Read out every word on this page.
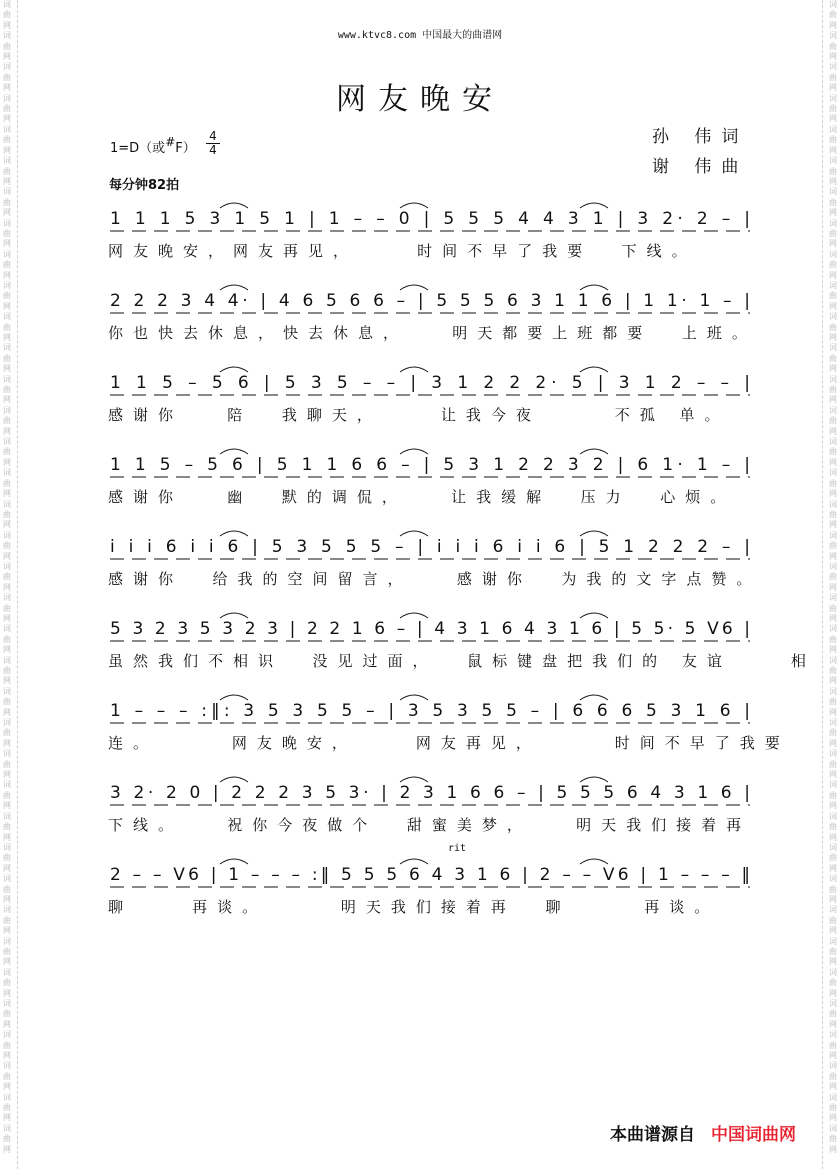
词曲网词曲网词曲网词曲网词曲网词曲网词曲网词曲网词曲网词曲网词曲网词曲网词曲网词曲网词曲网词曲网词曲网词曲网词曲网词曲网词曲网词曲网词曲网词曲网词曲网词曲网词曲网词曲网词曲网词曲网词曲网词曲网词曲网词曲网词曲网词曲网词曲网
词曲网词曲网词曲网词曲网词曲网词曲网词曲网词曲网词曲网词曲网词曲网词曲网词曲网词曲网词曲网词曲网词曲网词曲网词曲网词曲网词曲网词曲网词曲网词曲网词曲网词曲网词曲网词曲网词曲网词曲网词曲网词曲网词曲网词曲网词曲网词曲网词曲网
www.ktvc8.com 中国最大的曲谱网
网友晚安
1=D（或#F） $\frac{4}{4}$
每分钟82拍
孙 伟词
谢 伟曲
1 1 1 5 3 1 5 1 | 1 – – 0 | 5 5 5 4 4 3 1 | 3 2· 2 – |
网友晚安，网友再见，    时间不早了我要  下线。
2 2 2 3 4 4· | 4 6 5 6 6 – | 5 5 5 6 3 1 1 6 | 1 1· 1 – |
你也快去休息，快去休息，   明天都要上班都要  上班。
1 1 5 – 5 6 | 5 3 5 – – | 3 1 2 2 2· 5 | 3 1 2 – – |
感谢你   陪  我聊天，    让我今夜     不孤 单。
1 1 5 – 5 6 | 5 1 1 6 6 – | 5 3 1 2 2 3 2 | 6 1· 1 – |
感谢你   幽  默的调侃，   让我缓解  压力  心烦。
i i i 6 i i 6 | 5 3 5 5 5 – | i i i 6 i i 6 | 5 1 2 2 2 – |
感谢你  给我的空间留言，   感谢你  为我的文字点赞。
5 3 2 3 5 3 2 3 | 2 2 1 6 – | 4 3 1 6 4 3 1 6 | 5 5· 5 V6 |
虽然我们不相识  没见过面，  鼠标键盘把我们的 友谊    相
1 – – – :‖: 3 5 3 5 5 – | 3 5 3 5 5 – | 6 6 6 5 3 1 6 |
连。     网友晚安，    网友再见，     时间不早了我要
3 2· 2 0 | 2 2 2 3 5 3· | 2 3 1 6 6 – | 5 5 5 6 4 3 1 6 |
下线。   祝你今夜做个  甜蜜美梦，   明天我们接着再
2 – – V6 | 1 – – – :‖ 5 5 5 6 4 3 1 6 | 2 – – V6 | 1 – – – ‖
聊    再谈。     明天我们接着再  聊     再谈。
rit
本曲谱源自 中国词曲网
